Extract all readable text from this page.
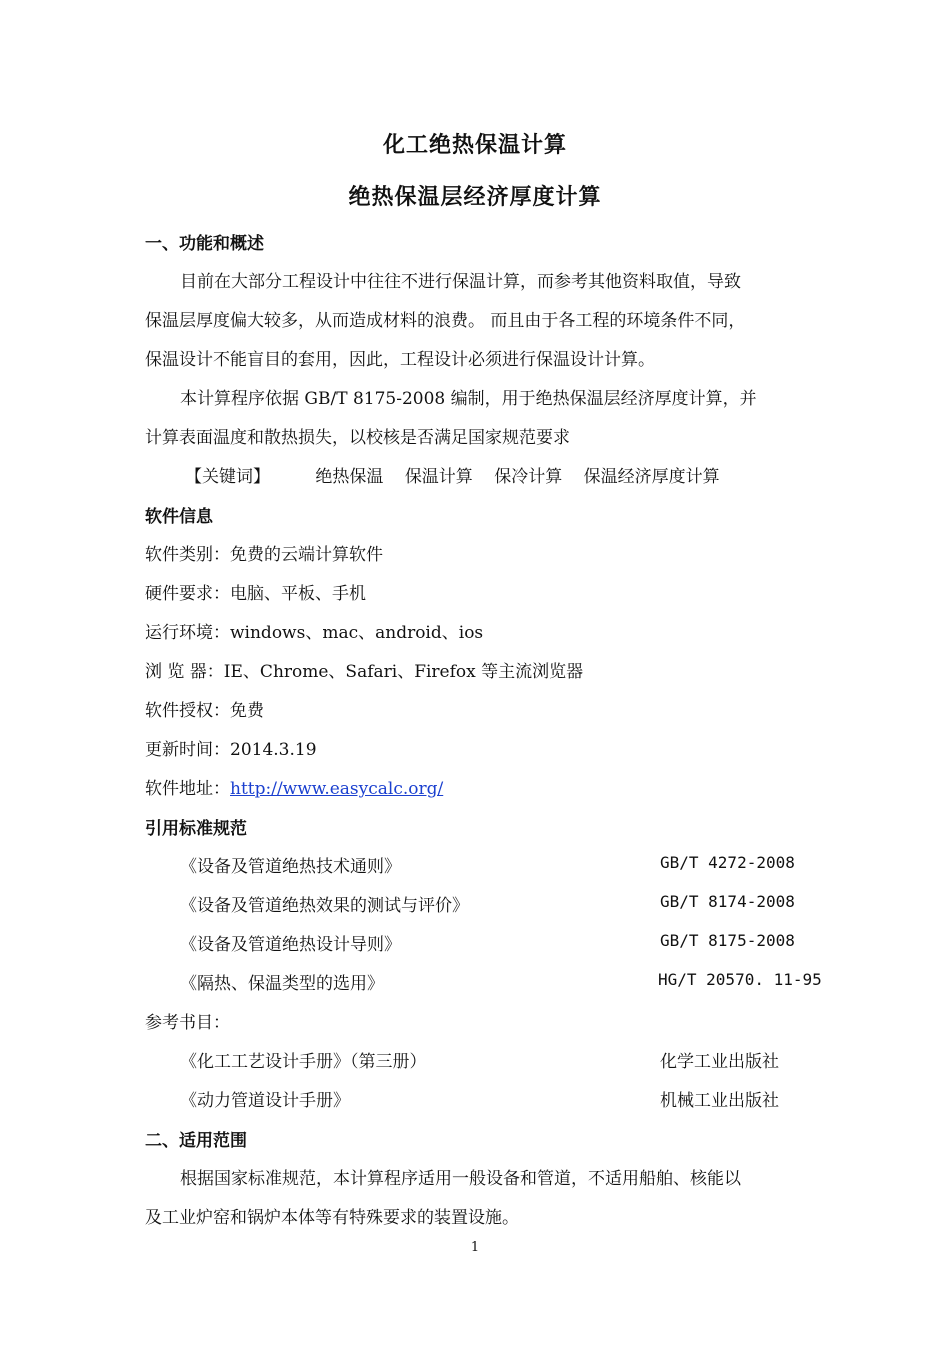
化工绝热保温计算
绝热保温层经济厚度计算
一、功能和概述
目前在大部分工程设计中往往不进行保温计算，而参考其他资料取值，导致
保温层厚度偏大较多，从而造成材料的浪费。 而且由于各工程的环境条件不同，
保温设计不能盲目的套用，因此，工程设计必须进行保温设计计算。
本计算程序依据 GB/T 8175-2008 编制，用于绝热保温层经济厚度计算，并
计算表面温度和散热损失，以校核是否满足国家规范要求
【关键词】	绝热保温 保温计算 保冷计算 保温经济厚度计算
软件信息
软件类别：免费的云端计算软件
硬件要求：电脑、平板、手机
运行环境：windows、mac、android、ios
浏 览 器：IE、Chrome、Safari、Firefox 等主流浏览器
软件授权：免费
更新时间：2014.3.19
软件地址：http://www.easycalc.org/
引用标准规范
《设备及管道绝热技术通则》	GB/T 4272-2008
《设备及管道绝热效果的测试与评价》	GB/T 8174-2008
《设备及管道绝热设计导则》	GB/T 8175-2008
《隔热、保温类型的选用》	HG/T 20570. 11-95
参考书目：
《化工工艺设计手册》（第三册）	化学工业出版社
《动力管道设计手册》	机械工业出版社
二、适用范围
根据国家标准规范，本计算程序适用一般设备和管道，不适用船舶、核能以
及工业炉窑和锅炉本体等有特殊要求的装置设施。
1
